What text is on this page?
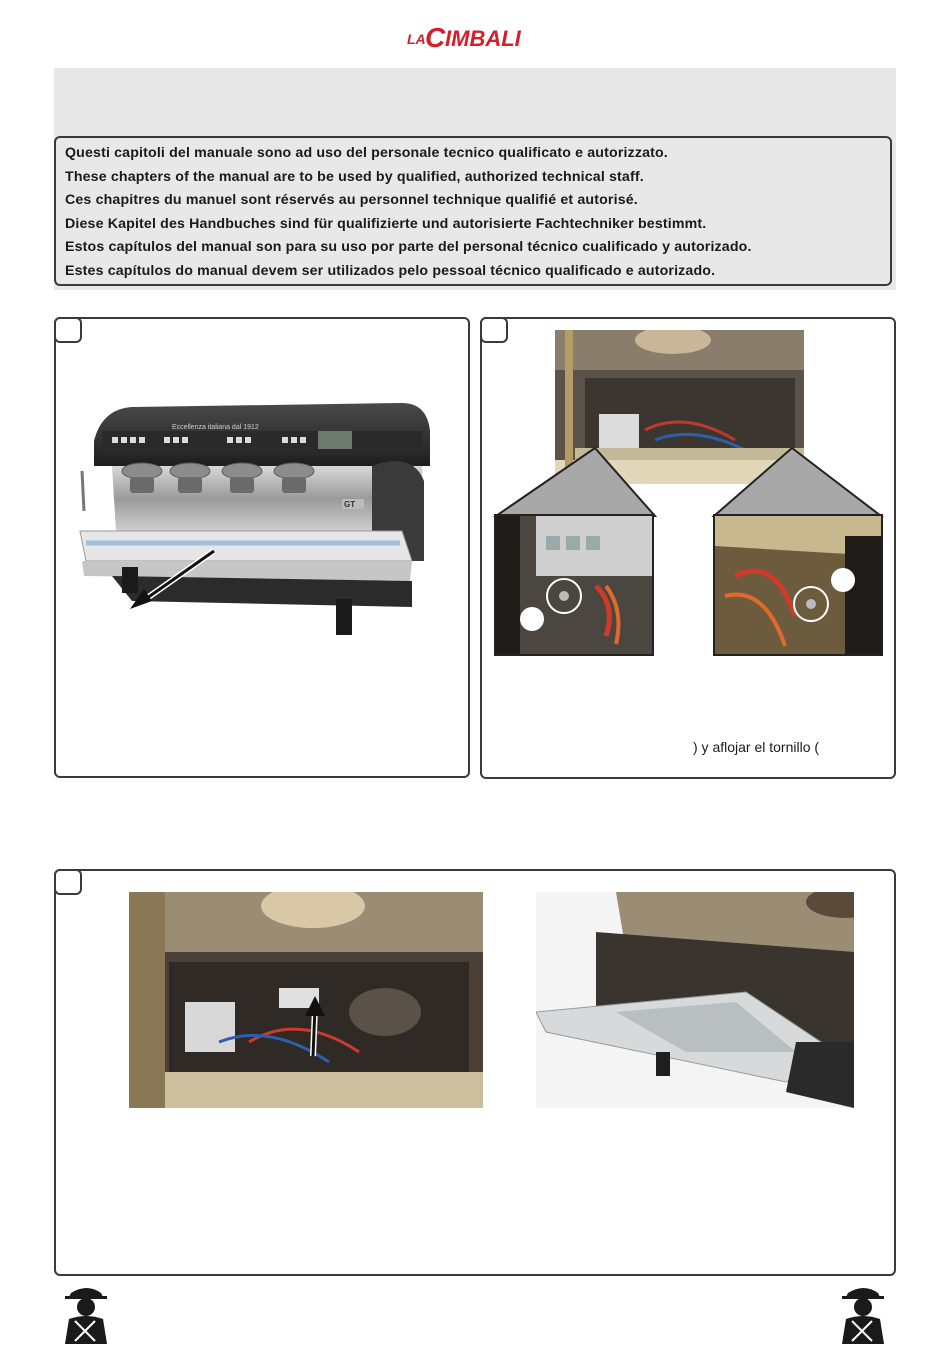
LA C IMBALI

Questi capitoli del manuale sono ad uso del personale tecnico qualificato e autorizzato.

These chapters of the manual are to be used by qualified, authorized technical staff.

Ces chapitres du manuel sont réservés au personnel technique qualifié et autorisé.

Diese Kapitel des Handbuches sind für qualifizierte und autorisierte Fachtechniker bestimmt.

Estos capítulos del manual son para su uso por parte del personal técnico cualificado y autorizado.

Estes capítulos do manual devem ser utilizados pelo pessoal técnico qualificado e autorizado.

Eccellenza italiana dal 1912
GT
) y aflojar el tornillo (
